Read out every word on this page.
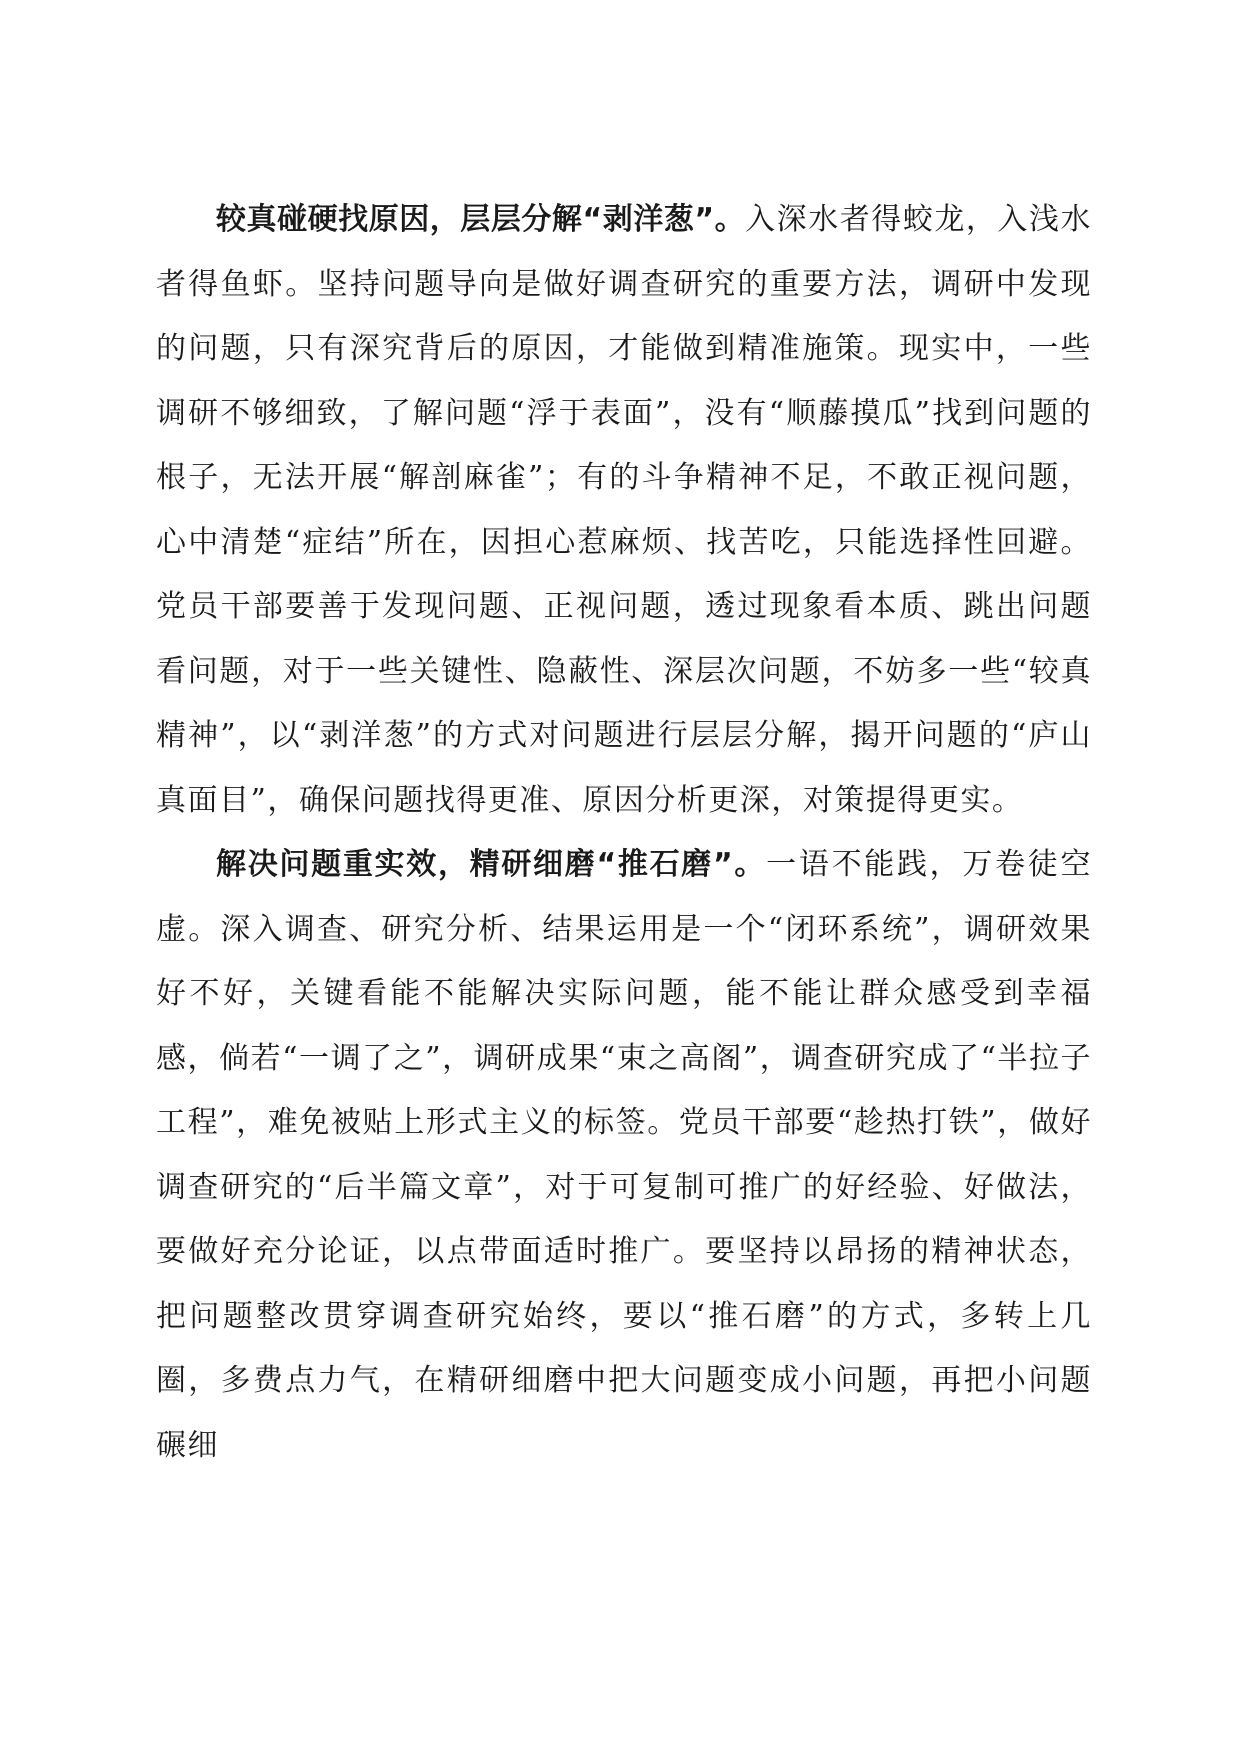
较真碰硬找原因，层层分解“剥洋葱”。入深水者得蛟龙，入浅水者得鱼虾。坚持问题导向是做好调查研究的重要方法，调研中发现的问题，只有深究背后的原因，才能做到精准施策。现实中，一些调研不够细致，了解问题“浮于表面”，没有“顺藤摸瓜”找到问题的根子，无法开展“解剖麻雀”；有的斗争精神不足，不敢正视问题，心中清楚“症结”所在，因担心惹麻烦、找苦吃，只能选择性回避。党员干部要善于发现问题、正视问题，透过现象看本质、跳出问题看问题，对于一些关键性、隐蔽性、深层次问题，不妨多一些“较真精神”，以“剥洋葱”的方式对问题进行层层分解，揭开问题的“庐山真面目”，确保问题找得更准、原因分析更深，对策提得更实。

解决问题重实效，精研细磨“推石磨”。一语不能践，万卷徒空虚。深入调查、研究分析、结果运用是一个“闭环系统”，调研效果好不好，关键看能不能解决实际问题，能不能让群众感受到幸福感，倘若“一调了之”，调研成果“束之高阁”，调查研究成了“半拉子工程”，难免被贴上形式主义的标签。党员干部要“趁热打铁”，做好调查研究的“后半篇文章”，对于可复制可推广的好经验、好做法，要做好充分论证，以点带面适时推广。要坚持以昂扬的精神状态，把问题整改贯穿调查研究始终，要以“推石磨”的方式，多转上几圈，多费点力气，在精研细磨中把大问题变成小问题，再把小问题碾细
